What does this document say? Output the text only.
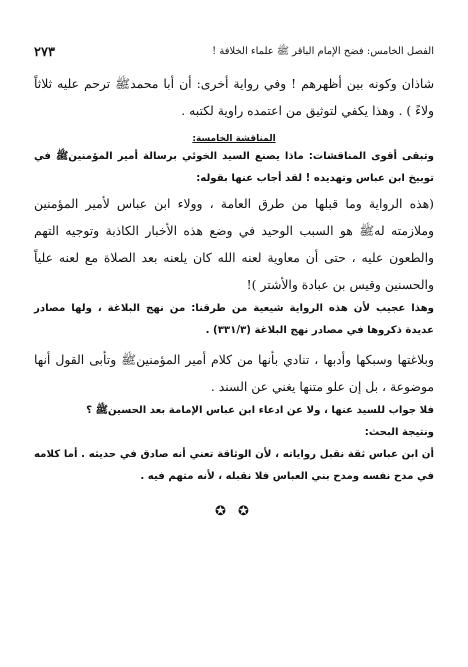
الفصل الخامس: فضح الإمام الباقر ﷺ علماء الخلافة !
٢٧٣

شاذان وكونه بين أظهرهم ! وفي رواية أخرى: أن أبا محمدﷺ ترحم عليه ثلاثاً ولاءً ) . وهذا يكفي لتوثيق من اعتمده راوية لكتبه .

المناقشة الخامسة:

وتبقى أقوى المناقشات: ماذا يصنع السيد الخوئي برسالة أمير المؤمنينﷺ في توبيخ ابن عباس وتهديده ! لقد أجاب عنها بقوله:

(هذه الرواية وما قبلها من طرق العامة ، وولاء ابن عباس لأمير المؤمنين وملازمته لهﷺ هو السبب الوحيد في وضع هذه الأخبار الكاذبة وتوجيه التهم والطعون عليه ، حتى أن معاوية لعنه الله كان يلعنه بعد الصلاة مع لعنه علياً والحسنين وقيس بن عبادة والأشتر )!

وهذا عجيب لأن هذه الرواية شيعية من طرقنا: من نهج البلاغة ، ولها مصادر عديدة ذكروها في مصادر نهج البلاغة (٣٣١/٣) .

وبلاغتها وسبكها وأدبها ، تنادي بأنها من كلام أمير المؤمنينﷺ وتأبى القول أنها موضوعة ، بل إن علو متنها يغني عن السند .

فلا جواب للسيد عنها ، ولا عن ادعاء ابن عباس الإمامة بعد الحسينﷺ ؟

ونتيجة البحث:

أن ابن عباس ثقة نقبل رواياته ، لأن الوثاقة تعني أنه صادق في حديثه . أما كلامه في مدح نفسه ومدح بني العباس فلا نقبله ، لأنه متهم فيه .

✪ ✪
